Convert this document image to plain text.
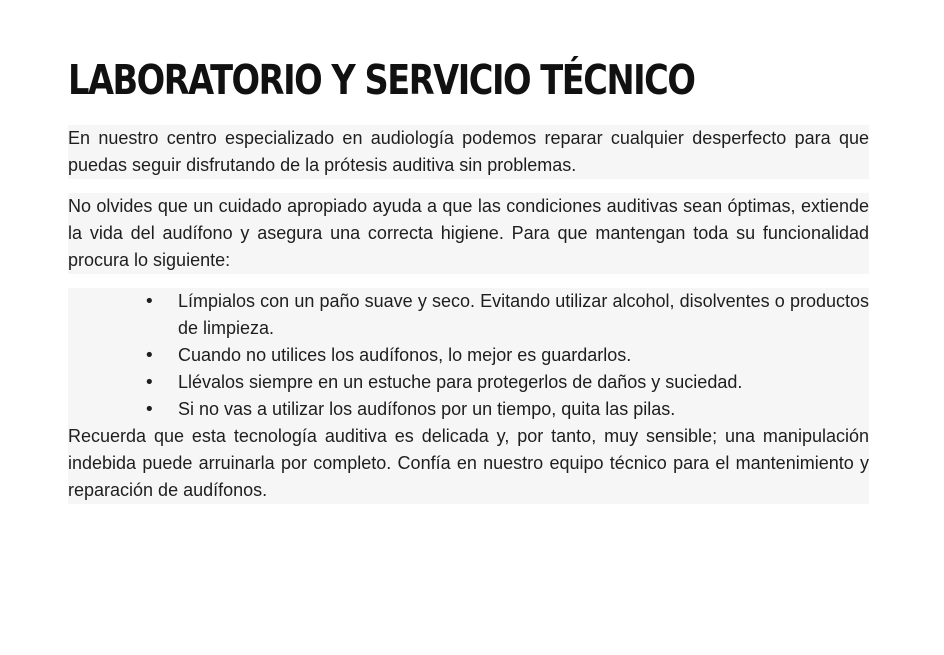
LABORATORIO Y SERVICIO TÉCNICO

En nuestro centro especializado en audiología podemos reparar cualquier desperfecto para que puedas seguir disfrutando de la prótesis auditiva sin problemas.

No olvides que un cuidado apropiado ayuda a que las condiciones auditivas sean óptimas, extiende la vida del audífono y asegura una correcta higiene. Para que mantengan toda su funcionalidad procura lo siguiente:

• Límpialos con un paño suave y seco. Evitando utilizar alcohol, disolventes o productos de limpieza.
• Cuando no utilices los audífonos, lo mejor es guardarlos.
• Llévalos siempre en un estuche para protegerlos de daños y suciedad.
• Si no vas a utilizar los audífonos por un tiempo, quita las pilas.

Recuerda que esta tecnología auditiva es delicada y, por tanto, muy sensible; una manipulación indebida puede arruinarla por completo. Confía en nuestro equipo técnico para el mantenimiento y reparación de audífonos.
